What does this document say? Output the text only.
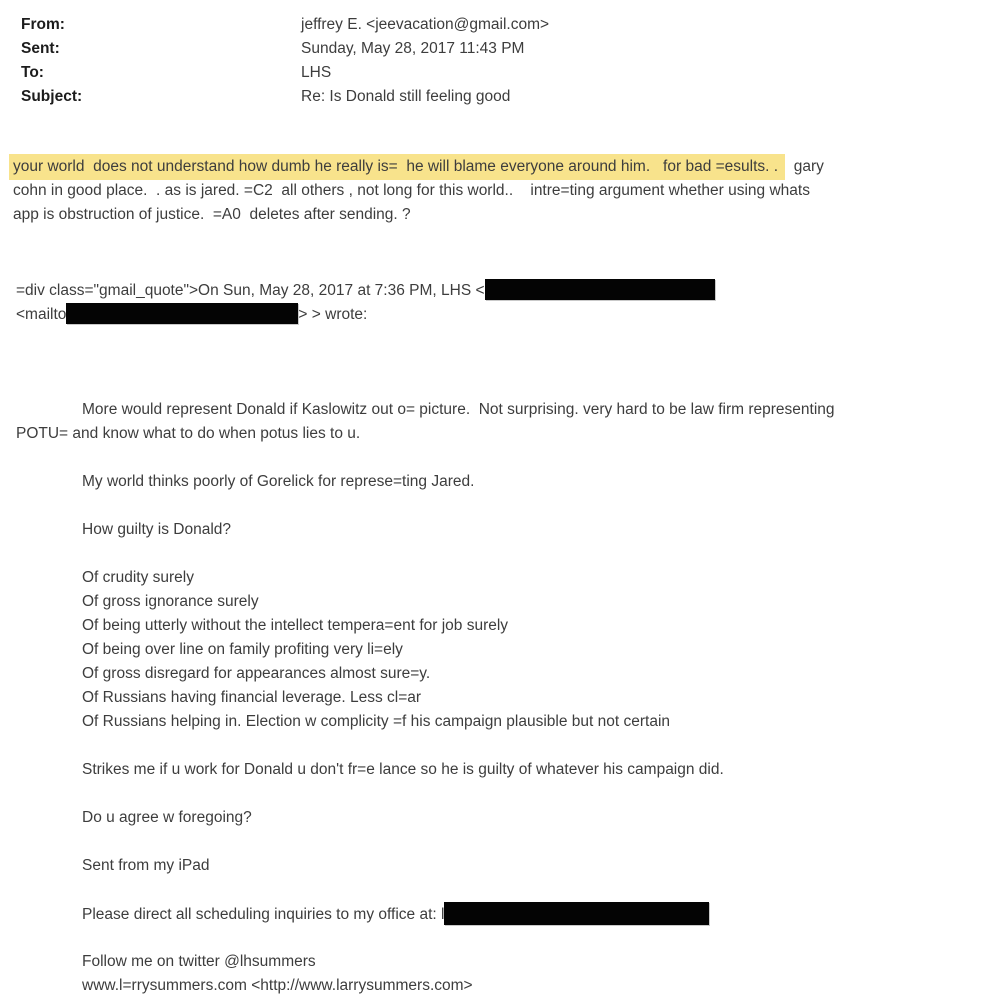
From:	jeffrey E. <jeevacation@gmail.com>
Sent:	Sunday, May 28, 2017 11:43 PM
To:	LHS
Subject:	Re: Is Donald still feeling good
your world  does not understand how dumb he really is=  he will blame everyone around him.   for bad =esults. .  gary
cohn in good place.  . as is jared. =C2  all others , not long for this world..    intre=ting argument whether using whats
app is obstruction of justice.  =A0  deletes after sending. ?
=div class="gmail_quote">On Sun, May 28, 2017 at 7:36 PM, LHS <
<mailto	> > wrote:

More would represent Donald if Kaslowitz out o= picture.  Not surprising. very hard to be law firm representing
POTU= and know what to do when potus lies to u.

My world thinks poorly of Gorelick for represe=ting Jared.

How guilty is Donald?

Of crudity surely
Of gross ignorance surely
Of being utterly without the intellect tempera=ent for job surely
Of being over line on family profiting very li=ely
Of gross disregard for appearances almost sure=y.
Of Russians having financial leverage. Less cl=ar
Of Russians helping in. Election w complicity =f his campaign plausible but not certain

Strikes me if u work for Donald u don't fr=e lance so he is guilty of whatever his campaign did.

Do u agree w foregoing?

Sent from my iPad

Please direct all scheduling inquiries to my office at: l

Follow me on twitter @lhsummers
www.l=rrysummers.com <http://www.larrysummers.com>
